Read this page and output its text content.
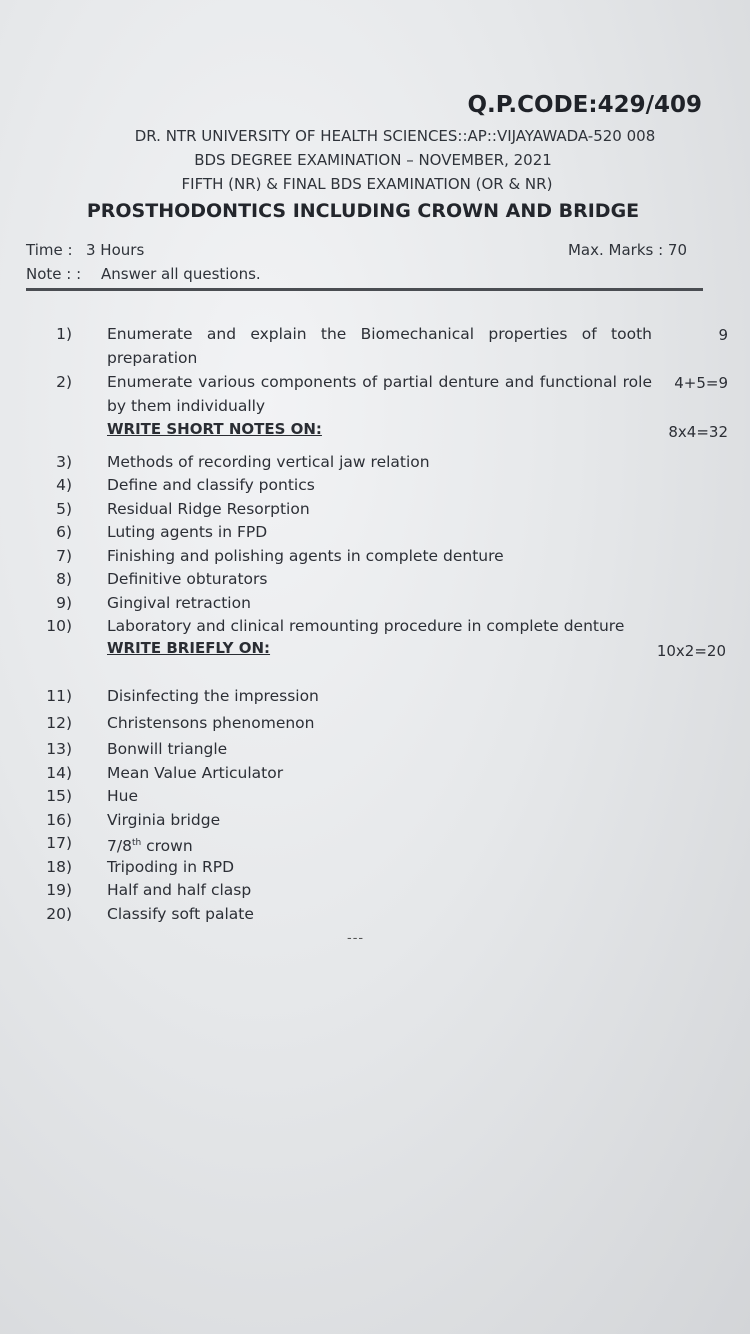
Q.P.CODE:429/409
DR. NTR UNIVERSITY OF HEALTH SCIENCES::AP::VIJAYAWADA-520 008
BDS DEGREE EXAMINATION – NOVEMBER, 2021
FIFTH (NR) & FINAL BDS EXAMINATION (OR & NR)
PROSTHODONTICS INCLUDING CROWN AND BRIDGE
Time : 3 Hours	Max. Marks : 70
Note : : Answer all questions.
1) Enumerate and explain the Biomechanical properties of tooth preparation
9
2) Enumerate various components of partial denture and functional role by them individually
4+5=9
WRITE SHORT NOTES ON:	8x4=32
3) Methods of recording vertical jaw relation
4) Define and classify pontics
5) Residual Ridge Resorption
6) Luting agents in FPD
7) Finishing and polishing agents in complete denture
8) Definitive obturators
9) Gingival retraction
10) Laboratory and clinical remounting procedure in complete denture
WRITE BRIEFLY ON:	10x2=20
11) Disinfecting the impression
12) Christensons phenomenon
13) Bonwill triangle
14) Mean Value Articulator
15) Hue
16) Virginia bridge
17) 7/8th crown
18) Tripoding in RPD
19) Half and half clasp
20) Classify soft palate
---
